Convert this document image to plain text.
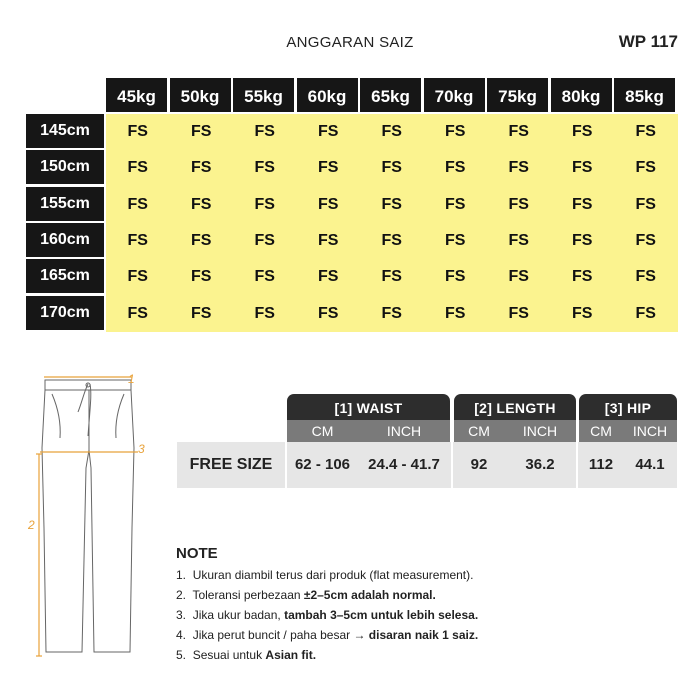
ANGGARAN SAIZ	WP 117
45kg	50kg	55kg	60kg	65kg	70kg	75kg	80kg	85kg
145cm	FS	FS	FS	FS	FS	FS	FS	FS	FS
150cm	FS	FS	FS	FS	FS	FS	FS	FS	FS
155cm	FS	FS	FS	FS	FS	FS	FS	FS	FS
160cm	FS	FS	FS	FS	FS	FS	FS	FS	FS
165cm	FS	FS	FS	FS	FS	FS	FS	FS	FS
170cm	FS	FS	FS	FS	FS	FS	FS	FS	FS
1
2
3
[1] WAIST	[2] LENGTH	[3] HIP
CM	INCH	CM	INCH	CM	INCH
FREE SIZE	62 - 106	24.4 - 41.7	92	36.2	112	44.1
NOTE
1. Ukuran diambil terus dari produk (flat measurement).
2. Toleransi perbezaan ±2–5cm adalah normal.
3. Jika ukur badan, tambah 3–5cm untuk lebih selesa.
4. Jika perut buncit / paha besar → disaran naik 1 saiz.
5. Sesuai untuk Asian fit.
